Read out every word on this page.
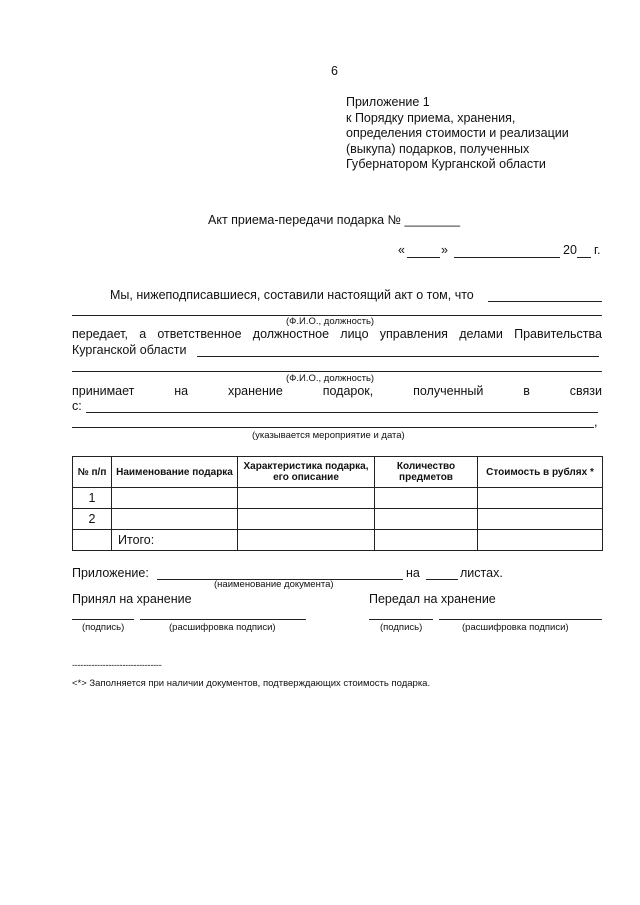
6
Приложение 1
к Порядку приема, хранения,
определения стоимости и реализации
(выкупа) подарков, полученных
Губернатором Курганской области
Акт приема-передачи подарка № ________
«	»	20 г.
Мы, нижеподписавшиеся, составили настоящий акт о том, что
(Ф.И.О., должность)
передает, а ответственное должностное лицо управления делами Правительства
Курганской области
(Ф.И.О., должность)
принимает	на	хранение	подарок,	полученный	в	связи
с:
,
(указывается мероприятие и дата)
№ п/п	Наименование подарка	Характеристика подарка, его описание	Количество предметов	Стоимость в рублях *
1				
2				
	Итого:			
Приложение:	на	листах.
(наименование документа)
Принял на хранение	Передал на хранение
(подпись)	(расшифровка подписи)	(подпись)	(расшифровка подписи)
--------------------------------
<*> Заполняется при наличии документов, подтверждающих стоимость подарка.
